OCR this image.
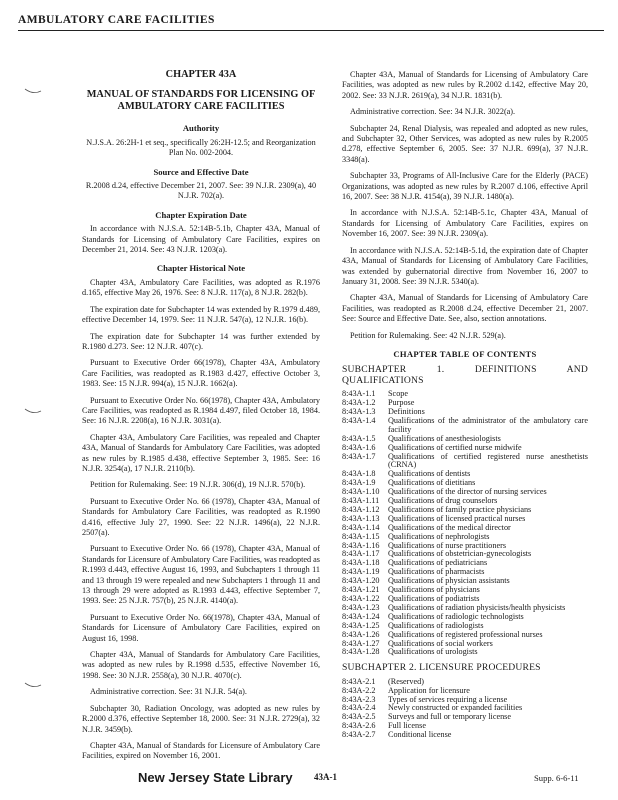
AMBULATORY CARE FACILITIES
CHAPTER 43A
MANUAL OF STANDARDS FOR LICENSING OF AMBULATORY CARE FACILITIES
Authority
N.J.S.A. 26:2H-1 et seq., specifically 26:2H-12.5; and Reorganization Plan No. 002-2004.
Source and Effective Date
R.2008 d.24, effective December 21, 2007. See: 39 N.J.R. 2309(a), 40 N.J.R. 702(a).
Chapter Expiration Date

In accordance with N.J.S.A. 52:14B-5.1b, Chapter 43A, Manual of Standards for Licensing of Ambulatory Care Facilities, expires on December 21, 2014. See: 43 N.J.R. 1203(a).

Chapter Historical Note

Chapter 43A, Ambulatory Care Facilities, was adopted as R.1976 d.165, effective May 26, 1976. See: 8 N.J.R. 117(a), 8 N.J.R. 282(b).

The expiration date for Subchapter 14 was extended by R.1979 d.489, effective December 14, 1979. See: 11 N.J.R. 547(a), 12 N.J.R. 16(b).

The expiration date for Subchapter 14 was further extended by R.1980 d.273. See: 12 N.J.R. 407(c).

Pursuant to Executive Order 66(1978), Chapter 43A, Ambulatory Care Facilities, was readopted as R.1983 d.427, effective October 3, 1983. See: 15 N.J.R. 994(a), 15 N.J.R. 1662(a).

Pursuant to Executive Order No. 66(1978), Chapter 43A, Ambulatory Care Facilities, was readopted as R.1984 d.497, filed October 18, 1984. See: 16 N.J.R. 2208(a), 16 N.J.R. 3031(a).

Chapter 43A, Ambulatory Care Facilities, was repealed and Chapter 43A, Manual of Standards for Ambulatory Care Facilities, was adopted as new rules by R.1985 d.438, effective September 3, 1985. See: 16 N.J.R. 3254(a), 17 N.J.R. 2110(b).

Petition for Rulemaking. See: 19 N.J.R. 306(d), 19 N.J.R. 570(b).

Pursuant to Executive Order No. 66 (1978), Chapter 43A, Manual of Standards for Ambulatory Care Facilities, was readopted as R.1990 d.416, effective July 27, 1990. See: 22 N.J.R. 1496(a), 22 N.J.R. 2507(a).

Pursuant to Executive Order No. 66 (1978), Chapter 43A, Manual of Standards for Licensure of Ambulatory Care Facilities, was readopted as R.1993 d.443, effective August 16, 1993, and Subchapters 1 through 11 and 13 through 19 were repealed and new Subchapters 1 through 11 and 13 through 29 were adopted as R.1993 d.443, effective September 7, 1993. See: 25 N.J.R. 757(b), 25 N.J.R. 4140(a).

Pursuant to Executive Order No. 66(1978), Chapter 43A, Manual of Standards for Licensure of Ambulatory Care Facilities, expired on August 16, 1998.

Chapter 43A, Manual of Standards for Ambulatory Care Facilities, was adopted as new rules by R.1998 d.535, effective November 16, 1998. See: 30 N.J.R. 2558(a), 30 N.J.R. 4070(c).

Administrative correction. See: 31 N.J.R. 54(a).

Subchapter 30, Radiation Oncology, was adopted as new rules by R.2000 d.376, effective September 18, 2000. See: 31 N.J.R. 2729(a), 32 N.J.R. 3459(b).

Chapter 43A, Manual of Standards for Licensure of Ambulatory Care Facilities, expired on November 16, 2001.

Chapter 43A, Manual of Standards for Licensing of Ambulatory Care Facilities, was adopted as new rules by R.2002 d.142, effective May 20, 2002. See: 33 N.J.R. 2619(a), 34 N.J.R. 1831(b).

Administrative correction. See: 34 N.J.R. 3022(a).

Subchapter 24, Renal Dialysis, was repealed and adopted as new rules, and Subchapter 32, Other Services, was adopted as new rules by R.2005 d.278, effective September 6, 2005. See: 37 N.J.R. 699(a), 37 N.J.R. 3348(a).

Subchapter 33, Programs of All-Inclusive Care for the Elderly (PACE) Organizations, was adopted as new rules by R.2007 d.106, effective April 16, 2007. See: 38 N.J.R. 4154(a), 39 N.J.R. 1480(a).

In accordance with N.J.S.A. 52:14B-5.1c, Chapter 43A, Manual of Standards for Licensing of Ambulatory Care Facilities, expires on November 16, 2007. See: 39 N.J.R. 2309(a).

In accordance with N.J.S.A. 52:14B-5.1d, the expiration date of Chapter 43A, Manual of Standards for Licensing of Ambulatory Care Facilities, was extended by gubernatorial directive from November 16, 2007 to January 31, 2008. See: 39 N.J.R. 5340(a).

Chapter 43A, Manual of Standards for Licensing of Ambulatory Care Facilities, was readopted as R.2008 d.24, effective December 21, 2007. See: Source and Effective Date. See, also, section annotations.

Petition for Rulemaking. See: 42 N.J.R. 529(a).

CHAPTER TABLE OF CONTENTS
SUBCHAPTER 1. DEFINITIONS AND QUALIFICATIONS
8:43A-1.1	Scope
8:43A-1.2	Purpose
8:43A-1.3	Definitions
8:43A-1.4	Qualifications of the administrator of the ambulatory care facility
8:43A-1.5	Qualifications of anesthesiologists
8:43A-1.6	Qualifications of certified nurse midwife
8:43A-1.7	Qualifications of certified registered nurse anesthetists (CRNA)
8:43A-1.8	Qualifications of dentists
8:43A-1.9	Qualifications of dietitians
8:43A-1.10	Qualifications of the director of nursing services
8:43A-1.11	Qualifications of drug counselors
8:43A-1.12	Qualifications of family practice physicians
8:43A-1.13	Qualifications of licensed practical nurses
8:43A-1.14	Qualifications of the medical director
8:43A-1.15	Qualifications of nephrologists
8:43A-1.16	Qualifications of nurse practitioners
8:43A-1.17	Qualifications of obstetrician-gynecologists
8:43A-1.18	Qualifications of pediatricians
8:43A-1.19	Qualifications of pharmacists
8:43A-1.20	Qualifications of physician assistants
8:43A-1.21	Qualifications of physicians
8:43A-1.22	Qualifications of podiatrists
8:43A-1.23	Qualifications of radiation physicists/health physicists
8:43A-1.24	Qualifications of radiologic technologists
8:43A-1.25	Qualifications of radiologists
8:43A-1.26	Qualifications of registered professional nurses
8:43A-1.27	Qualifications of social workers
8:43A-1.28	Qualifications of urologists
SUBCHAPTER 2. LICENSURE PROCEDURES
8:43A-2.1	(Reserved)
8:43A-2.2	Application for licensure
8:43A-2.3	Types of services requiring a license
8:43A-2.4	Newly constructed or expanded facilities
8:43A-2.5	Surveys and full or temporary license
8:43A-2.6	Full license
8:43A-2.7	Conditional license
New Jersey State Library 43A-1	Supp. 6-6-11
